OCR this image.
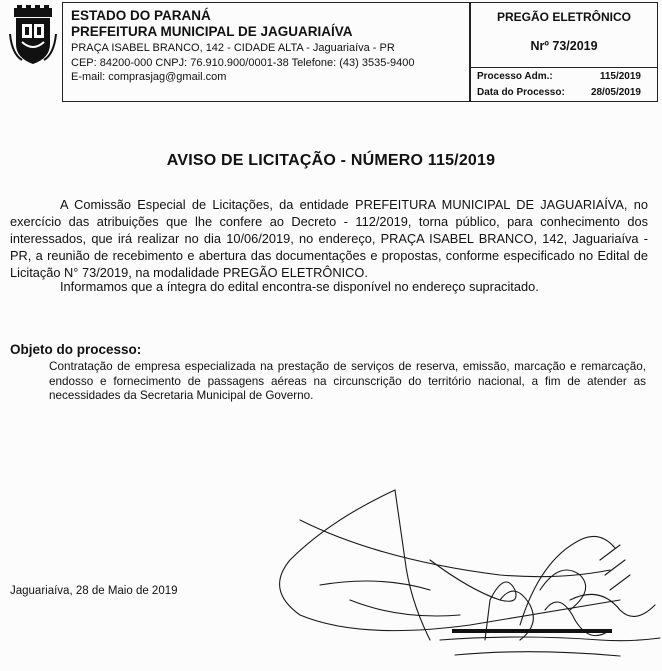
ESTADO DO PARANÁ
PREFEITURA MUNICIPAL DE JAGUARIAÍVA
PRAÇA ISABEL BRANCO, 142 - CIDADE ALTA - Jaguariaíva - PR
CEP: 84200-000 CNPJ: 76.910.900/0001-38 Telefone: (43) 3535-9400
E-mail: comprasjag@gmail.com
PREGÃO ELETRÔNICO
Nrº 73/2019
Processo Adm.:	115/2019
Data do Processo:	28/05/2019
AVISO DE LICITAÇÃO - NÚMERO 115/2019
A Comissão Especial de Licitações, da entidade PREFEITURA MUNICIPAL DE JAGUARIAÍVA, no exercício das atribuições que lhe confere ao Decreto - 112/2019, torna público, para conhecimento dos interessados, que irá realizar no dia 10/06/2019, no endereço, PRAÇA ISABEL BRANCO, 142, Jaguariaíva - PR, a reunião de recebimento e abertura das documentações e propostas, conforme especificado no Edital de Licitação N° 73/2019, na modalidade PREGÃO ELETRÔNICO.
Informamos que a íntegra do edital encontra-se disponível no endereço supracitado.
Objeto do processo:
Contratação de empresa especializada na prestação de serviços de reserva, emissão, marcação e remarcação, endosso e fornecimento de passagens aéreas na circunscrição do território nacional, a fim de atender as necessidades da Secretaria Municipal de Governo.
Jaguariaíva, 28 de Maio de 2019
